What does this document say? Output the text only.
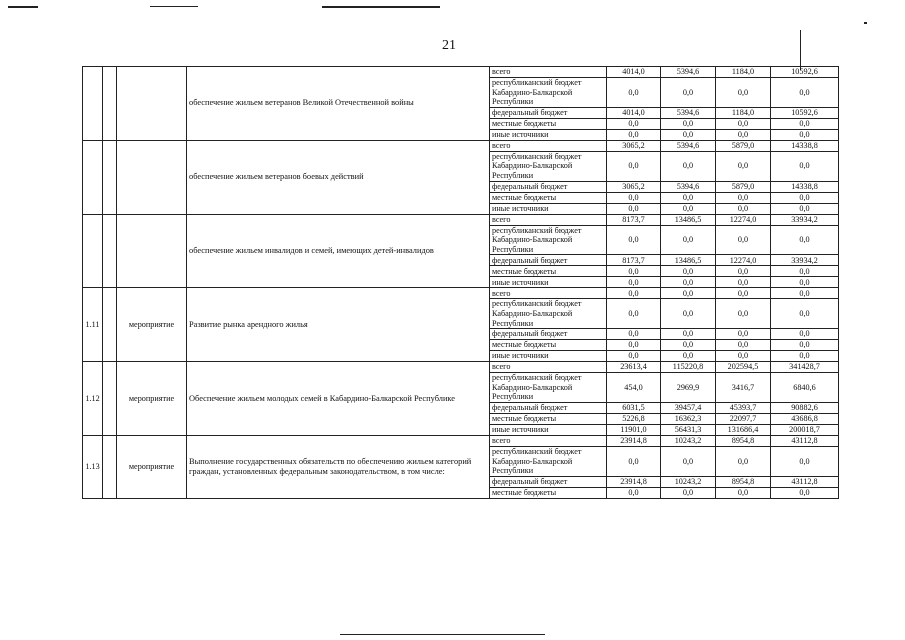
21
			обеспечение жильем ветеранов Великой Отечественной войны	всего	4014,0	5394,6	1184,0	10592,6
				республиканский бюджет Кабардино-Балкарской Республики	0,0	0,0	0,0	0,0
				федеральный бюджет	4014,0	5394,6	1184,0	10592,6
				местные бюджеты	0,0	0,0	0,0	0,0
				иные источники	0,0	0,0	0,0	0,0
			обеспечение жильем ветеранов боевых действий	всего	3065,2	5394,6	5879,0	14338,8
				республиканский бюджет Кабардино-Балкарской Республики	0,0	0,0	0,0	0,0
				федеральный бюджет	3065,2	5394,6	5879,0	14338,8
				местные бюджеты	0,0	0,0	0,0	0,0
				иные источники	0,0	0,0	0,0	0,0
			обеспечение жильем инвалидов и семей, имеющих детей-инвалидов	всего	8173,7	13486,5	12274,0	33934,2
				республиканский бюджет Кабардино-Балкарской Республики	0,0	0,0	0,0	0,0
				федеральный бюджет	8173,7	13486,5	12274,0	33934,2
				местные бюджеты	0,0	0,0	0,0	0,0
				иные источники	0,0	0,0	0,0	0,0
1.11		мероприятие	Развитие рынка арендного жилья	всего	0,0	0,0	0,0	0,0
				республиканский бюджет Кабардино-Балкарской Республики	0,0	0,0	0,0	0,0
				федеральный бюджет	0,0	0,0	0,0	0,0
				местные бюджеты	0,0	0,0	0,0	0,0
				иные источники	0,0	0,0	0,0	0,0
1.12		мероприятие	Обеспечение жильем молодых семей в Кабардино-Балкарской Республике	всего	23613,4	115220,8	202594,5	341428,7
				республиканский бюджет Кабардино-Балкарской Республики	454,0	2969,9	3416,7	6840,6
				федеральный бюджет	6031,5	39457,4	45393,7	90882,6
				местные бюджеты	5226,8	16362,3	22097,7	43686,8
				иные источники	11901,0	56431,3	131686,4	200018,7
1.13		мероприятие	Выполнение государственных обязательств по обеспечению жильем категорий граждан, установленных федеральным законодательством, в том числе:	всего	23914,8	10243,2	8954,8	43112,8
				республиканский бюджет Кабардино-Балкарской Республики	0,0	0,0	0,0	0,0
				федеральный бюджет	23914,8	10243,2	8954,8	43112,8
				местные бюджеты	0,0	0,0	0,0	0,0
